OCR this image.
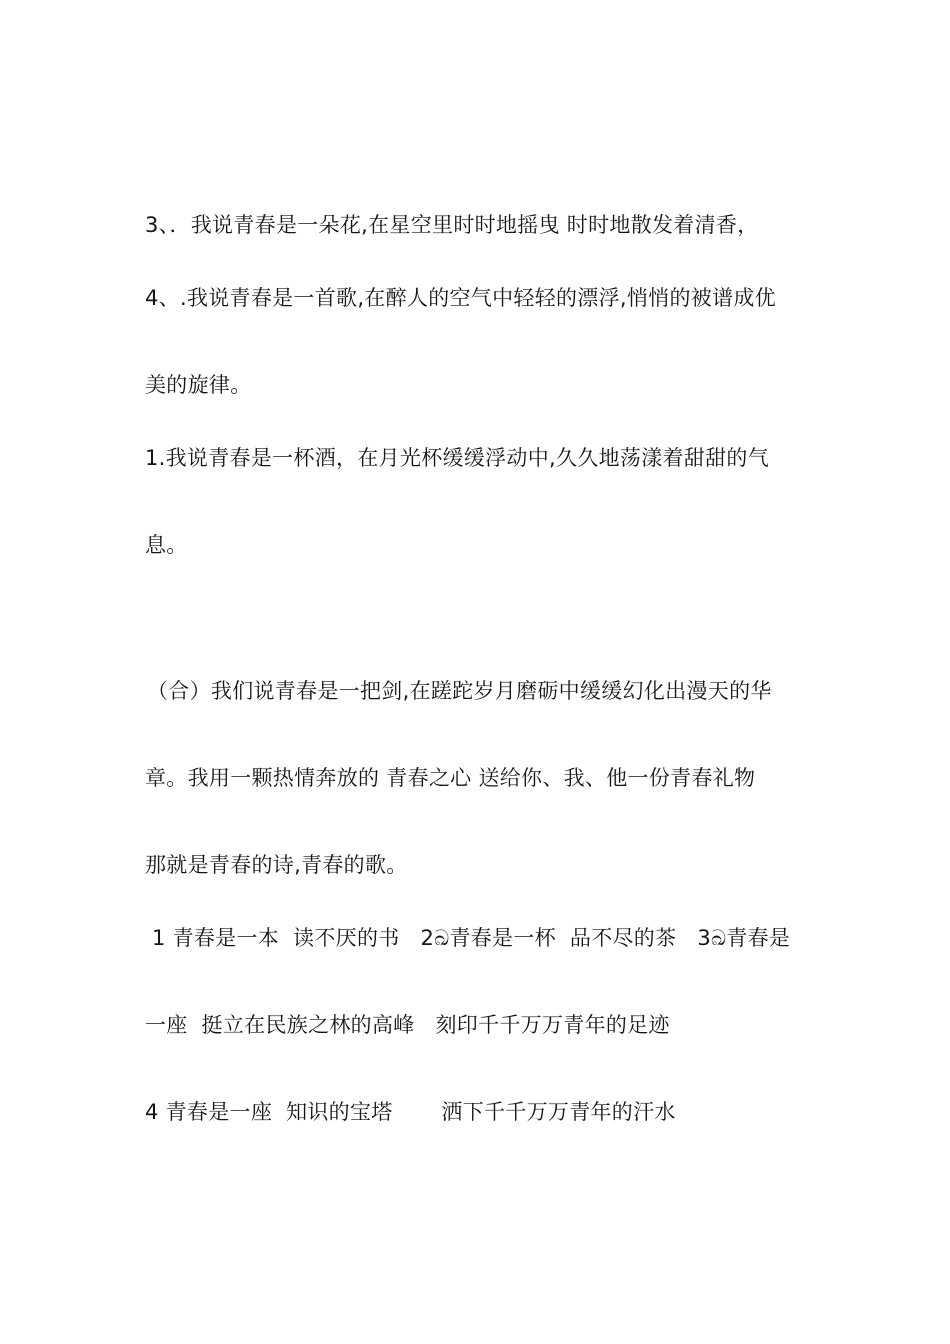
3、．我说青春是一朵花,在星空里时时地摇曳 时时地散发着清香，
4、.我说青春是一首歌,在醉人的空气中轻轻的漂浮,悄悄的被谱成优
美的旋律。
1.我说青春是一杯酒，在月光杯缓缓浮动中,久久地荡漾着甜甜的气
息。
（合）我们说青春是一把剑,在蹉跎岁月磨砺中缓缓幻化出漫天的华
章。我用一颗热情奔放的 青春之心 送给你、我、他一份青春礼物
那就是青春的诗,青春的歌。
1 青春是一本  读不厌的书   2ඛ青春是一杯  品不尽的茶   3ඛ青春是
一座  挺立在民族之林的高峰   刻印千千万万青年的足迹
4 青春是一座  知识的宝塔       洒下千千万万青年的汗水
